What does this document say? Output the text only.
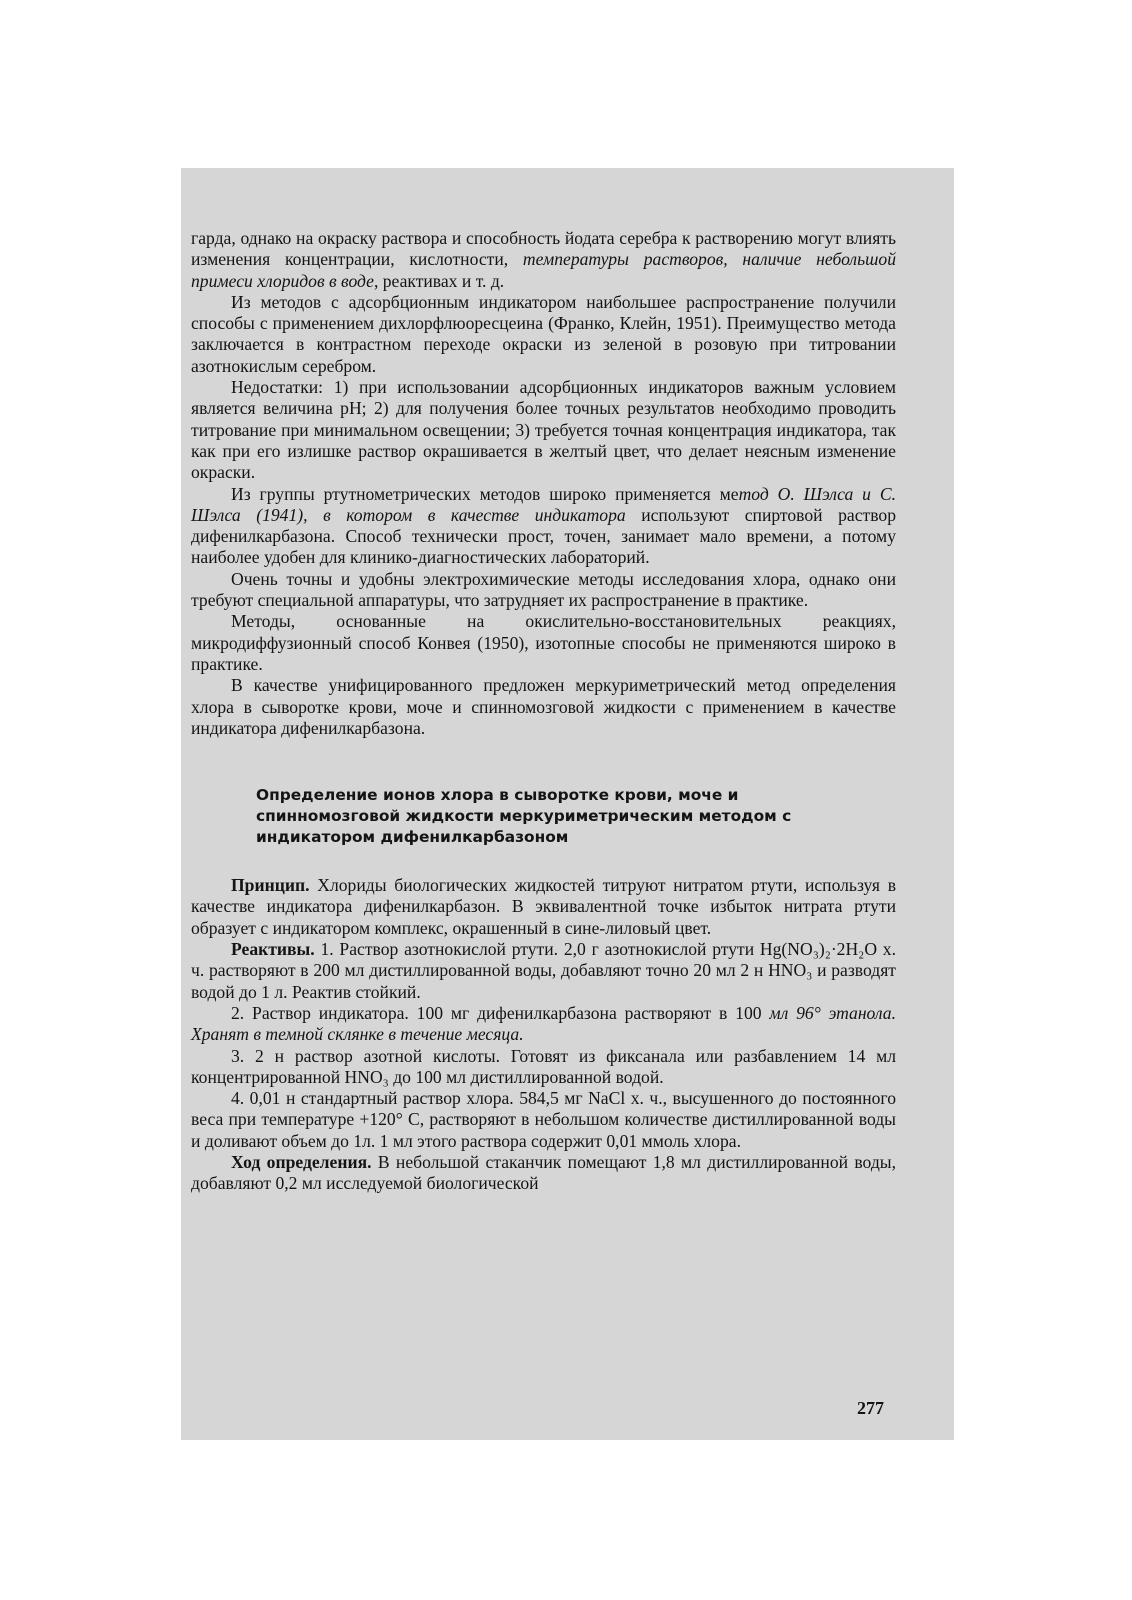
гарда, однако на окраску раствора и способность йодата серебра к растворению могут влиять изменения концентрации, кислотности, температуры растворов, наличие небольшой примеси хлоридов в воде, реактивах и т. д.

Из методов с адсорбционным индикатором наибольшее распространение получили способы с применением дихлорфлюоресцеина (Франко, Клейн, 1951). Преимущество метода заключается в контрастном переходе окраски из зеленой в розовую при титровании азотнокислым серебром.

Недостатки: 1) при использовании адсорбционных индикаторов важным условием является величина pH; 2) для получения более точных результатов необходимо проводить титрование при минимальном освещении; 3) требуется точная концентрация индикатора, так как при его излишке раствор окрашивается в желтый цвет, что делает неясным изменение окраски.

Из группы ртутнометрических методов широко применяется метод О. Шэлса и С. Шэлса (1941), в котором в качестве индикатора используют спиртовой раствор дифенилкарбазона. Способ технически прост, точен, занимает мало времени, а потому наиболее удобен для клинико-диагностических лабораторий.

Очень точны и удобны электрохимические методы исследования хлора, однако они требуют специальной аппаратуры, что затрудняет их распространение в практике.

Методы, основанные на окислительно-восстановительных реакциях, микродиффузионный способ Конвея (1950), изотопные способы не применяются широко в практике.

В качестве унифицированного предложен меркуриметрический метод определения хлора в сыворотке крови, моче и спинномозговой жидкости с применением в качестве индикатора дифенилкарбазона.

Определение ионов хлора в сыворотке крови, моче и спинномозговой жидкости меркуриметрическим методом с индикатором дифенилкарбазоном

Принцип. Хлориды биологических жидкостей титруют нитратом ртути, используя в качестве индикатора дифенилкарбазон. В эквивалентной точке избыток нитрата ртути образует с индикатором комплекс, окрашенный в сине-лиловый цвет.

Реактивы. 1. Раствор азотнокислой ртути. 2,0 г азотнокислой ртути Hg(NO₃)₂·2H₂O х. ч. растворяют в 200 мл дистиллированной воды, добавляют точно 20 мл 2 н HNO₃ и разводят водой до 1 л. Реактив стойкий.

2. Раствор индикатора. 100 мг дифенилкарбазона растворяют в 100 мл 96° этанола. Хранят в темной склянке в течение месяца.

3. 2 н раствор азотной кислоты. Готовят из фиксанала или разбавлением 14 мл концентрированной HNO₃ до 100 мл дистиллированной водой.

4. 0,01 н стандартный раствор хлора. 584,5 мг NaCl х. ч., высушенного до постоянного веса при температуре +120° С, растворяют в небольшом количестве дистиллированной воды и доливают объем до 1л. 1 мл этого раствора содержит 0,01 ммоль хлора.

Ход определения. В небольшой стаканчик помещают 1,8 мл дистиллированной воды, добавляют 0,2 мл исследуемой биологической

277
